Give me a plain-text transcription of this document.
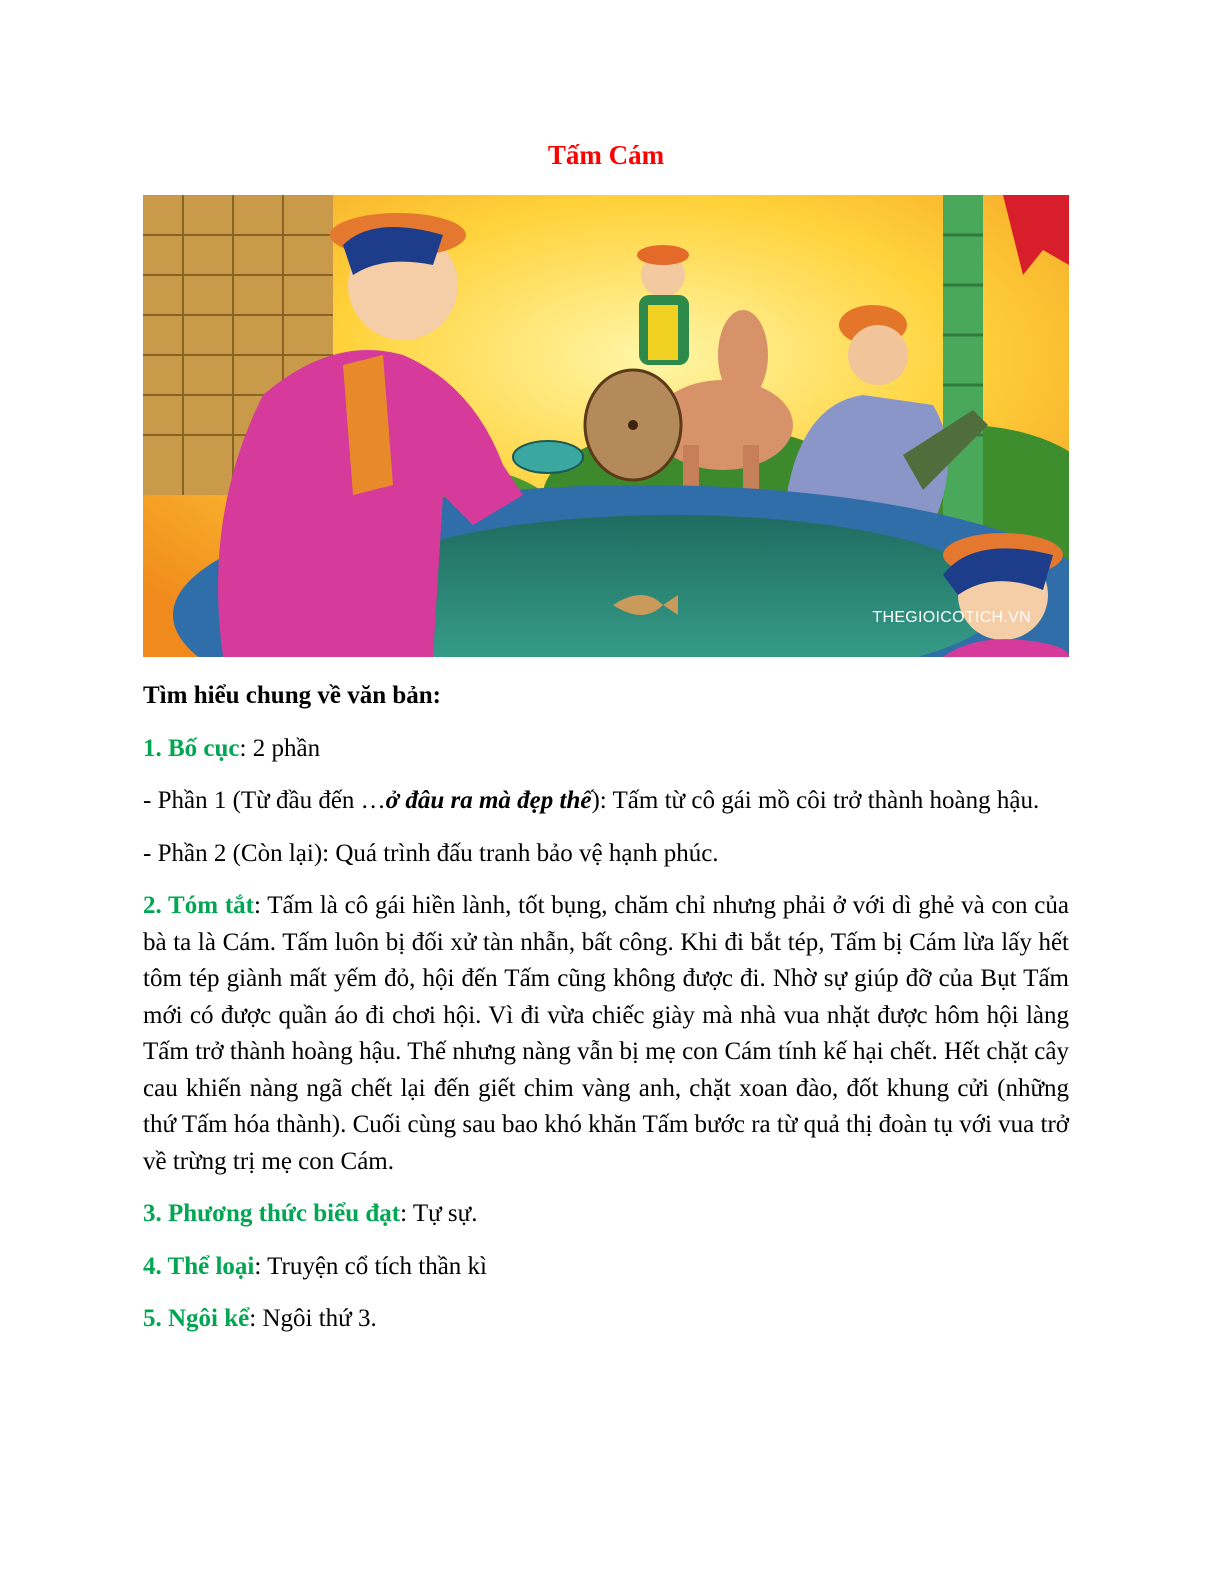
Tấm Cám
THEGIOICOTICH.VN

Tìm hiểu chung về văn bản:

1. Bố cục: 2 phần

- Phần 1 (Từ đầu đến …ở đâu ra mà đẹp thế): Tấm từ cô gái mồ côi trở thành hoàng hậu.

- Phần 2 (Còn lại): Quá trình đấu tranh bảo vệ hạnh phúc.

2. Tóm tắt: Tấm là cô gái hiền lành, tốt bụng, chăm chỉ nhưng phải ở với dì ghẻ và con của bà ta là Cám. Tấm luôn bị đối xử tàn nhẫn, bất công. Khi đi bắt tép, Tấm bị Cám lừa lấy hết tôm tép giành mất yếm đỏ, hội đến Tấm cũng không được đi. Nhờ sự giúp đỡ của Bụt Tấm mới có được quần áo đi chơi hội. Vì đi vừa chiếc giày mà nhà vua nhặt được hôm hội làng Tấm trở thành hoàng hậu. Thế nhưng nàng vẫn bị mẹ con Cám tính kế hại chết. Hết chặt cây cau khiến nàng ngã chết lại đến giết chim vàng anh, chặt xoan đào, đốt khung cửi (những thứ Tấm hóa thành). Cuối cùng sau bao khó khăn Tấm bước ra từ quả thị đoàn tụ với vua trở về trừng trị mẹ con Cám.

3. Phương thức biểu đạt: Tự sự.

4. Thể loại: Truyện cổ tích thần kì

5. Ngôi kể: Ngôi thứ 3.
